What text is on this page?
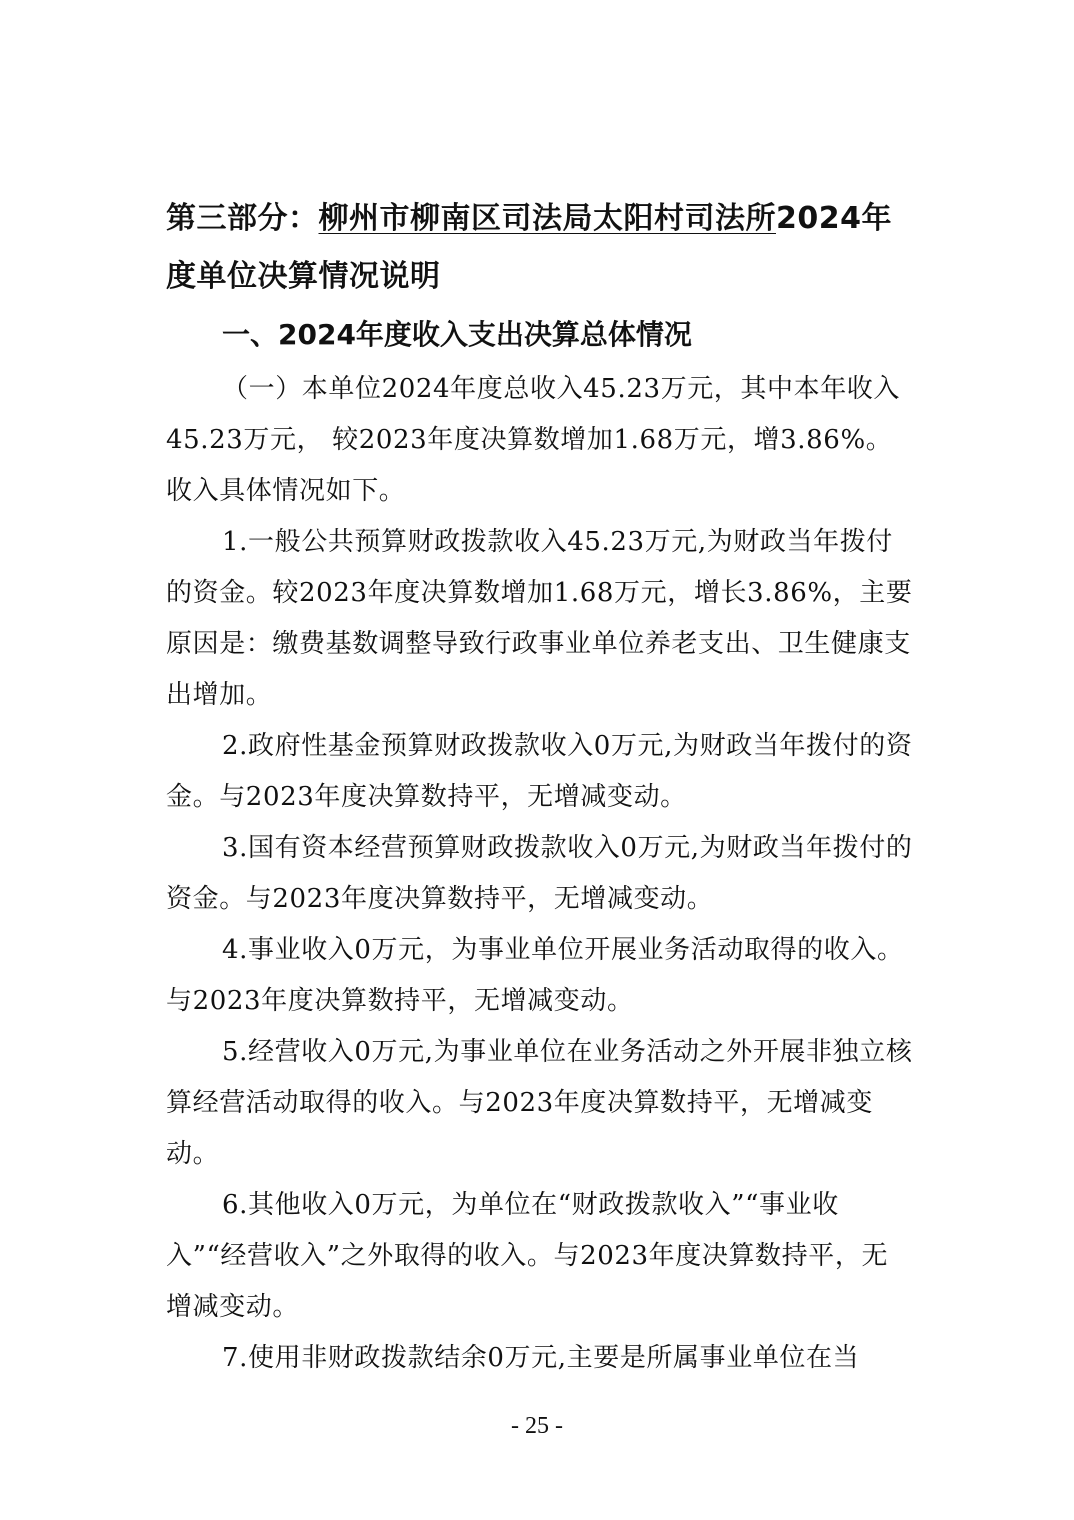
第三部分：柳州市柳南区司法局太阳村司法所2024年度单位决算情况说明
一、2024年度收入支出决算总体情况

（一）本单位2024年度总收入45.23万元，其中本年收入45.23万元， 较2023年度决算数增加1.68万元，增3.86%。收入具体情况如下。

1.一般公共预算财政拨款收入45.23万元,为财政当年拨付的资金。较2023年度决算数增加1.68万元，增长3.86%，主要原因是：缴费基数调整导致行政事业单位养老支出、卫生健康支出增加。

2.政府性基金预算财政拨款收入0万元,为财政当年拨付的资金。与2023年度决算数持平，无增减变动。

3.国有资本经营预算财政拨款收入0万元,为财政当年拨付的资金。与2023年度决算数持平，无增减变动。

4.事业收入0万元，为事业单位开展业务活动取得的收入。与2023年度决算数持平，无增减变动。

5.经营收入0万元,为事业单位在业务活动之外开展非独立核算经营活动取得的收入。与2023年度决算数持平，无增减变动。

6.其他收入0万元，为单位在“财政拨款收入”“事业收入”“经营收入”之外取得的收入。与2023年度决算数持平，无增减变动。

7.使用非财政拨款结余0万元,主要是所属事业单位在当

- 25 -
